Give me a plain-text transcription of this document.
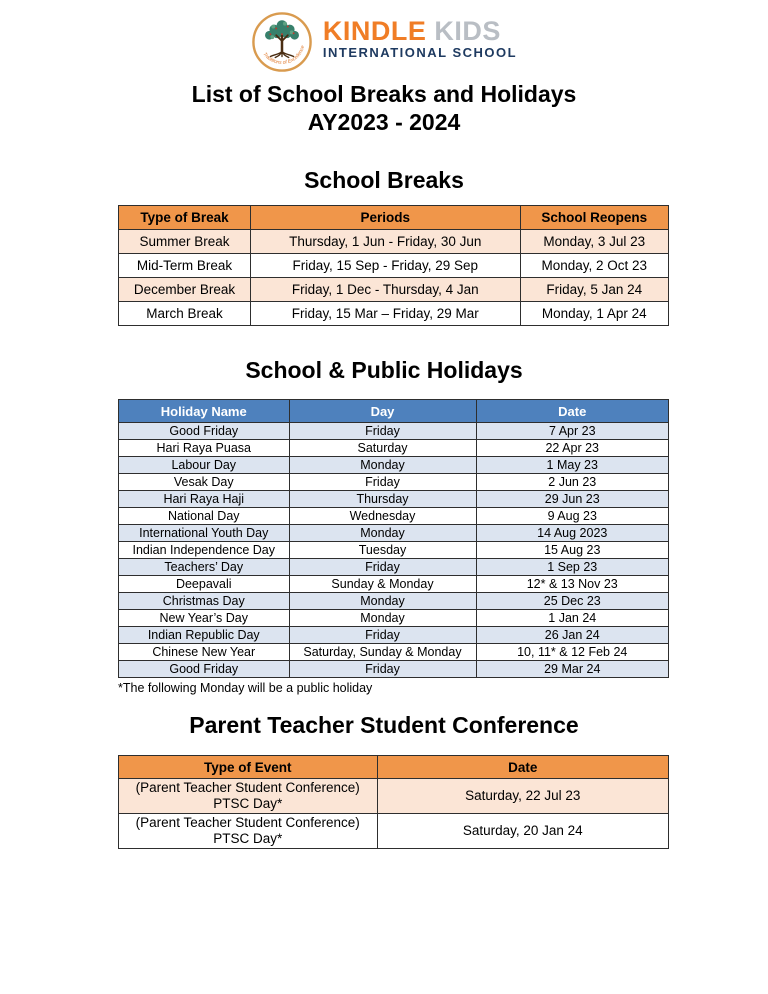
Traditions of Excellence
KINDLE KIDS
INTERNATIONAL SCHOOL
List of School Breaks and Holidays
AY2023 - 2024
School Breaks
Type of Break	Periods	School Reopens
Summer Break	Thursday, 1 Jun - Friday, 30 Jun	Monday, 3 Jul 23
Mid-Term Break	Friday, 15 Sep - Friday, 29 Sep	Monday, 2 Oct 23
December Break	Friday, 1 Dec - Thursday, 4 Jan	Friday, 5 Jan 24
March Break	Friday, 15 Mar – Friday, 29 Mar	Monday, 1 Apr 24
School & Public Holidays
Holiday Name	Day	Date
Good Friday	Friday	7 Apr 23
Hari Raya Puasa	Saturday	22 Apr 23
Labour Day	Monday	1 May 23
Vesak Day	Friday	2 Jun 23
Hari Raya Haji	Thursday	29 Jun 23
National Day	Wednesday	9 Aug 23
International Youth Day	Monday	14 Aug 2023
Indian Independence Day	Tuesday	15 Aug 23
Teachers’ Day	Friday	1 Sep 23
Deepavali	Sunday & Monday	12* & 13 Nov 23
Christmas Day	Monday	25 Dec 23
New Year’s Day	Monday	1 Jan 24
Indian Republic Day	Friday	26 Jan 24
Chinese New Year	Saturday, Sunday & Monday	10, 11* & 12 Feb 24
Good Friday	Friday	29 Mar 24
*The following Monday will be a public holiday
Parent Teacher Student Conference
Type of Event	Date

(Parent Teacher Student Conference)
PTSC Day*	Saturday, 22 Jul 23

(Parent Teacher Student Conference)
PTSC Day*	Saturday, 20 Jan 24
